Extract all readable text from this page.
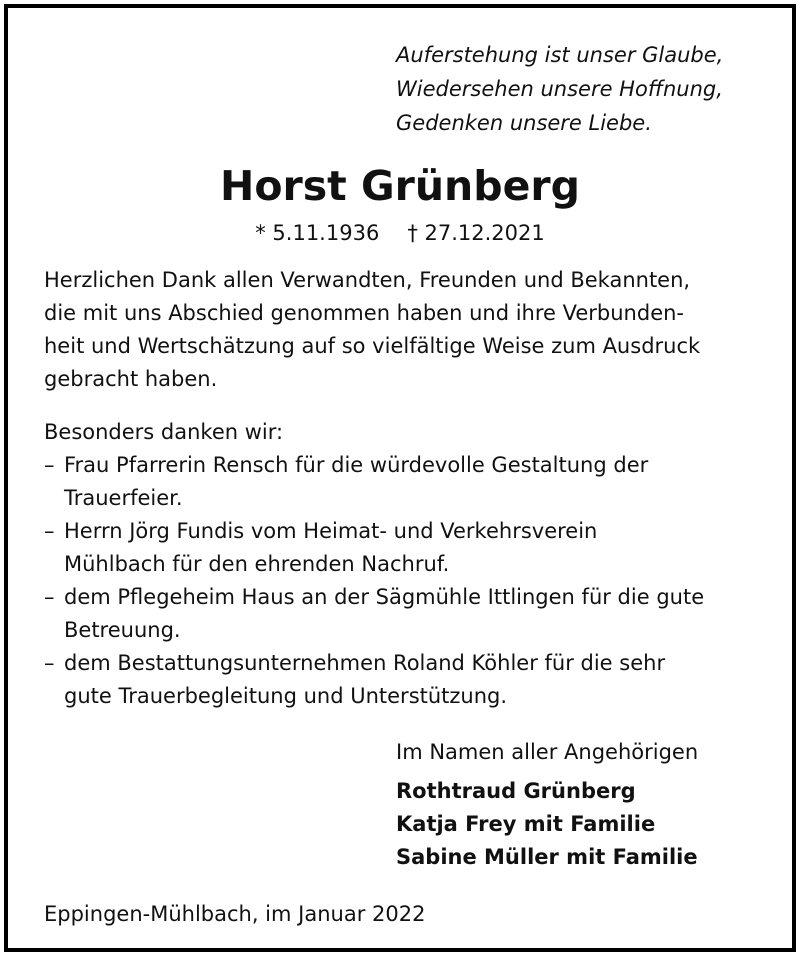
Auferstehung ist unser Glaube,
Wiedersehen unsere Hoffnung,
Gedenken unsere Liebe.
Horst Grünberg
* 5.11.1936 † 27.12.2021
Herzlichen Dank allen Verwandten, Freunden und Bekannten,
die mit uns Abschied genommen haben und ihre Verbunden-
heit und Wertschätzung auf so vielfältige Weise zum Ausdruck
gebracht haben.
Besonders danken wir:
– Frau Pfarrerin Rensch für die würdevolle Gestaltung der
Trauerfeier.
– Herrn Jörg Fundis vom Heimat- und Verkehrsverein
Mühlbach für den ehrenden Nachruf.
– dem Pflegeheim Haus an der Sägmühle Ittlingen für die gute
Betreuung.
– dem Bestattungsunternehmen Roland Köhler für die sehr
gute Trauerbegleitung und Unterstützung.
Im Namen aller Angehörigen
Rothtraud Grünberg
Katja Frey mit Familie
Sabine Müller mit Familie
Eppingen-Mühlbach, im Januar 2022
